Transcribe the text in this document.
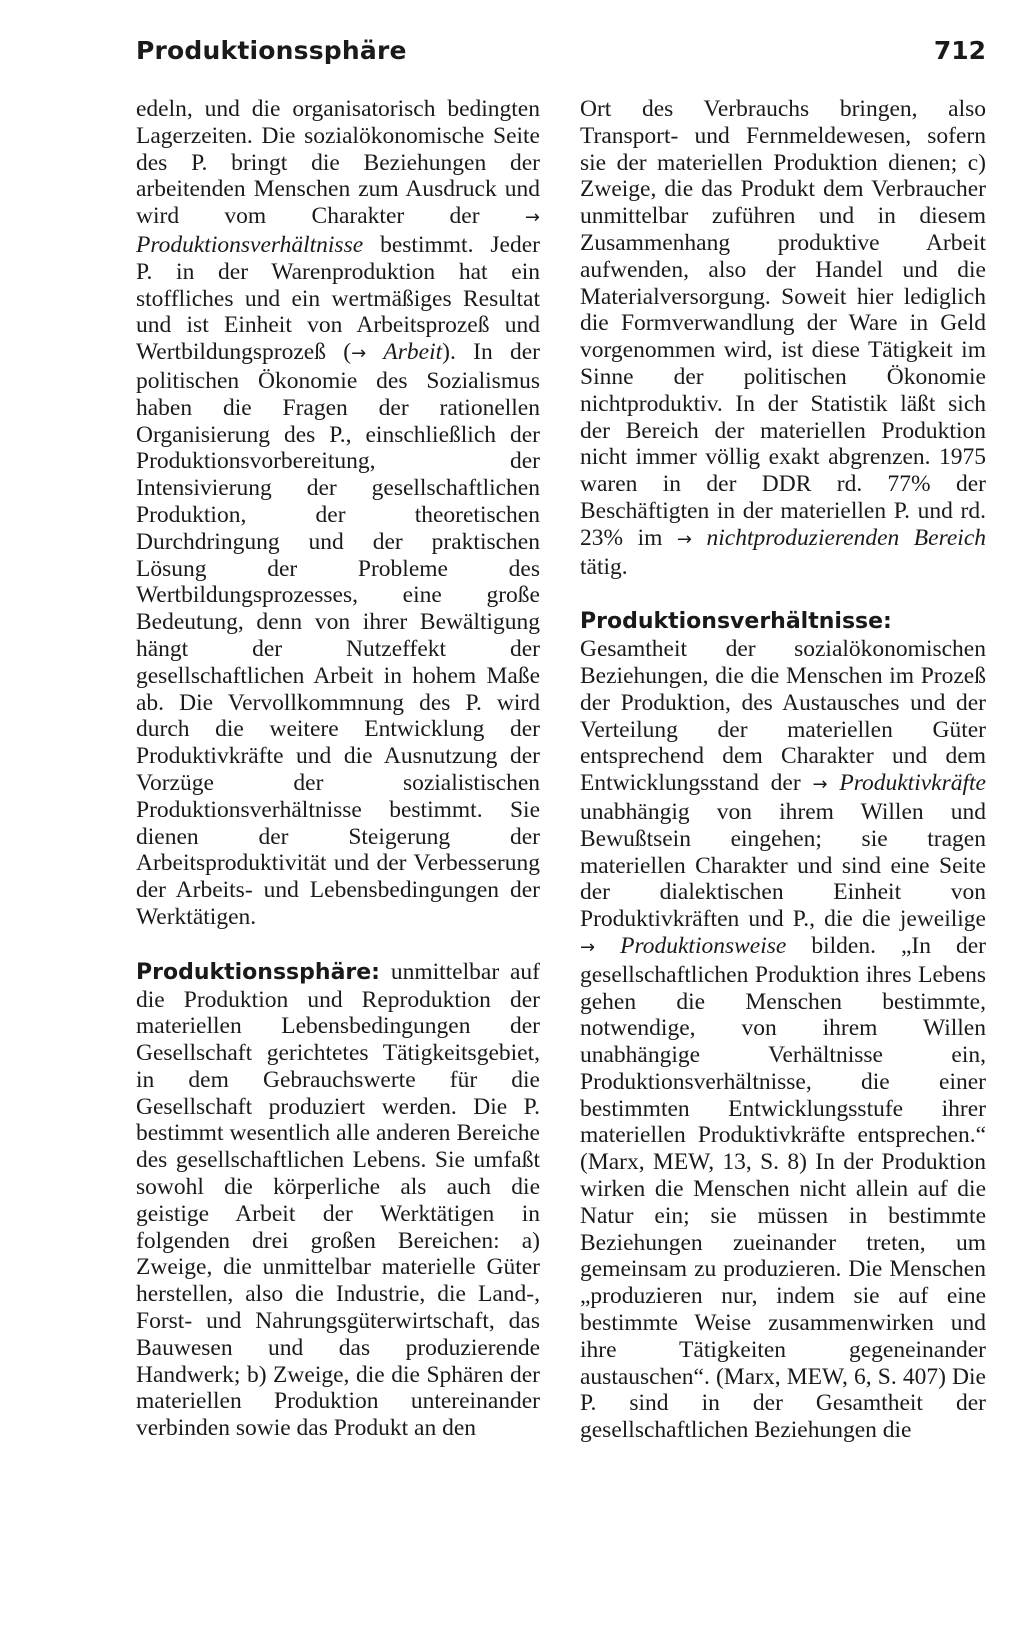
Produktionssphäre	712

edeln, und die organisatorisch bedingten Lagerzeiten. Die sozialökonomische Seite des P. bringt die Beziehungen der arbeitenden Menschen zum Ausdruck und wird vom Charakter der → Produktionsverhältnisse bestimmt. Jeder P. in der Warenproduktion hat ein stoffliches und ein wertmäßiges Resultat und ist Einheit von Arbeitsprozeß und Wertbildungsprozeß (→ Arbeit). In der politischen Ökonomie des Sozialismus haben die Fragen der rationellen Organisierung des P., einschließlich der Produktionsvorbereitung, der Intensivierung der gesellschaftlichen Produktion, der theoretischen Durchdringung und der praktischen Lösung der Probleme des Wertbildungsprozesses, eine große Bedeutung, denn von ihrer Bewältigung hängt der Nutzeffekt der gesellschaftlichen Arbeit in hohem Maße ab. Die Vervollkommnung des P. wird durch die weitere Entwicklung der Produktivkräfte und die Ausnutzung der Vorzüge der sozialistischen Produktionsverhältnisse bestimmt. Sie dienen der Steigerung der Arbeitsproduktivität und der Verbesserung der Arbeits- und Lebensbedingungen der Werktätigen.

Produktionssphäre: unmittelbar auf die Produktion und Reproduktion der materiellen Lebensbedingungen der Gesellschaft gerichtetes Tätigkeitsgebiet, in dem Gebrauchswerte für die Gesellschaft produziert werden. Die P. bestimmt wesentlich alle anderen Bereiche des gesellschaftlichen Lebens. Sie umfaßt sowohl die körperliche als auch die geistige Arbeit der Werktätigen in folgenden drei großen Bereichen: a) Zweige, die unmittelbar materielle Güter herstellen, also die Industrie, die Land-, Forst- und Nahrungsgüterwirtschaft, das Bauwesen und das produzierende Handwerk; b) Zweige, die die Sphären der materiellen Produktion untereinander verbinden sowie das Produkt an den

Ort des Verbrauchs bringen, also Transport- und Fernmeldewesen, sofern sie der materiellen Produktion dienen; c) Zweige, die das Produkt dem Verbraucher unmittelbar zuführen und in diesem Zusammenhang produktive Arbeit aufwenden, also der Handel und die Materialversorgung. Soweit hier lediglich die Formverwandlung der Ware in Geld vorgenommen wird, ist diese Tätigkeit im Sinne der politischen Ökonomie nichtproduktiv. In der Statistik läßt sich der Bereich der materiellen Produktion nicht immer völlig exakt abgrenzen. 1975 waren in der DDR rd. 77% der Beschäftigten in der materiellen P. und rd. 23% im → nichtproduzierenden Bereich tätig.

Produktionsverhältnisse: Gesamtheit der sozialökonomischen Beziehungen, die die Menschen im Prozeß der Produktion, des Austausches und der Verteilung der materiellen Güter entsprechend dem Charakter und dem Entwicklungsstand der → Produktivkräfte unabhängig von ihrem Willen und Bewußtsein eingehen; sie tragen materiellen Charakter und sind eine Seite der dialektischen Einheit von Produktivkräften und P., die die jeweilige → Produktionsweise bilden. „In der gesellschaftlichen Produktion ihres Lebens gehen die Menschen bestimmte, notwendige, von ihrem Willen unabhängige Verhältnisse ein, Produktionsverhältnisse, die einer bestimmten Entwicklungsstufe ihrer materiellen Produktivkräfte entsprechen.“ (Marx, MEW, 13, S. 8) In der Produktion wirken die Menschen nicht allein auf die Natur ein; sie müssen in bestimmte Beziehungen zueinander treten, um gemeinsam zu produzieren. Die Menschen „produzieren nur, indem sie auf eine bestimmte Weise zusammenwirken und ihre Tätigkeiten gegeneinander austauschen“. (Marx, MEW, 6, S. 407) Die P. sind in der Gesamtheit der gesellschaftlichen Beziehungen die
